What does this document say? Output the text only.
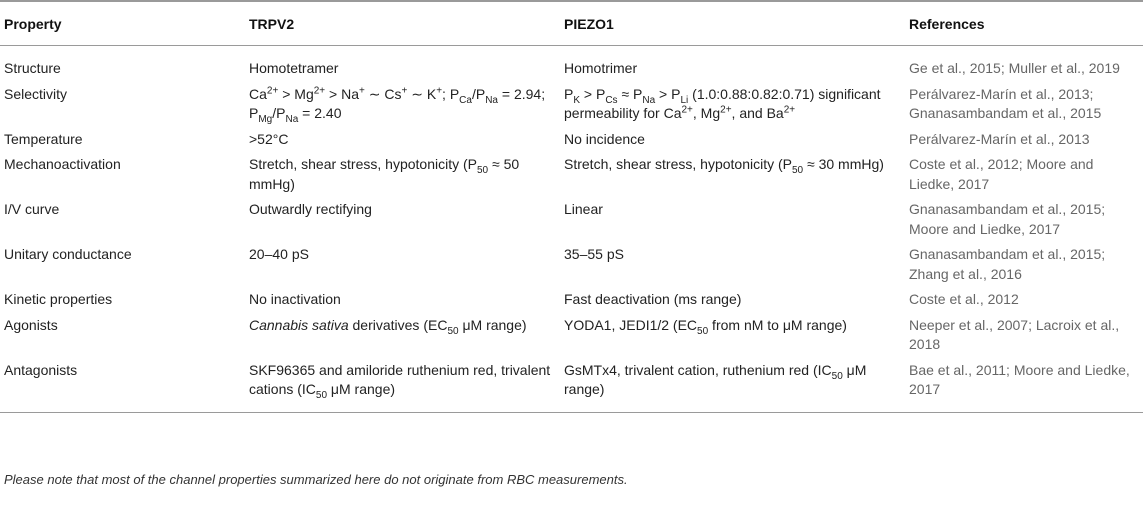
Property	TRPV2	PIEZO1	References
Structure	Homotetramer	Homotrimer	Ge et al., 2015; Muller et al., 2019
Selectivity	$Ca^{2+} > Mg^{2+} > Na^+$ ∼ Cs+ ∼ K+; $P_{Ca}/P_{Na} = 2.94$; $P_{Mg}/P_{Na} = 2.40$	$P_K > P_{Cs} \approx P_{Na} > P_{Li}$ (1.0:0.88:0.82:0.71) significant permeability for $Ca^{2+}$, $Mg^{2+}$, and $Ba^{2+}$	Perálvarez-Marín et al., 2013; Gnanasambandam et al., 2015
Temperature	>52°C	No incidence	Perálvarez-Marín et al., 2013
Mechanoactivation	Stretch, shear stress, hypotonicity ($P_{50} \approx 50$ mmHg)	Stretch, shear stress, hypotonicity ($P_{50} \approx 30$ mmHg)	Coste et al., 2012; Moore and Liedke, 2017
I/V curve	Outwardly rectifying	Linear	Gnanasambandam et al., 2015; Moore and Liedke, 2017
Unitary conductance	20–40 pS	35–55 pS	Gnanasambandam et al., 2015; Zhang et al., 2016
Kinetic properties	No inactivation	Fast deactivation (ms range)	Coste et al., 2012
Agonists	Cannabis sativa derivatives ($EC_{50}$ μM range)	YODA1, JEDI1/2 ($EC_{50}$ from nM to μM range)	Neeper et al., 2007; Lacroix et al., 2018
Antagonists	SKF96365 and amiloride ruthenium red, trivalent cations ($IC_{50}$ μM range)	GsMTx4, trivalent cation, ruthenium red ($IC_{50}$ μM range)	Bae et al., 2011; Moore and Liedke, 2017
Please note that most of the channel properties summarized here do not originate from RBC measurements.
